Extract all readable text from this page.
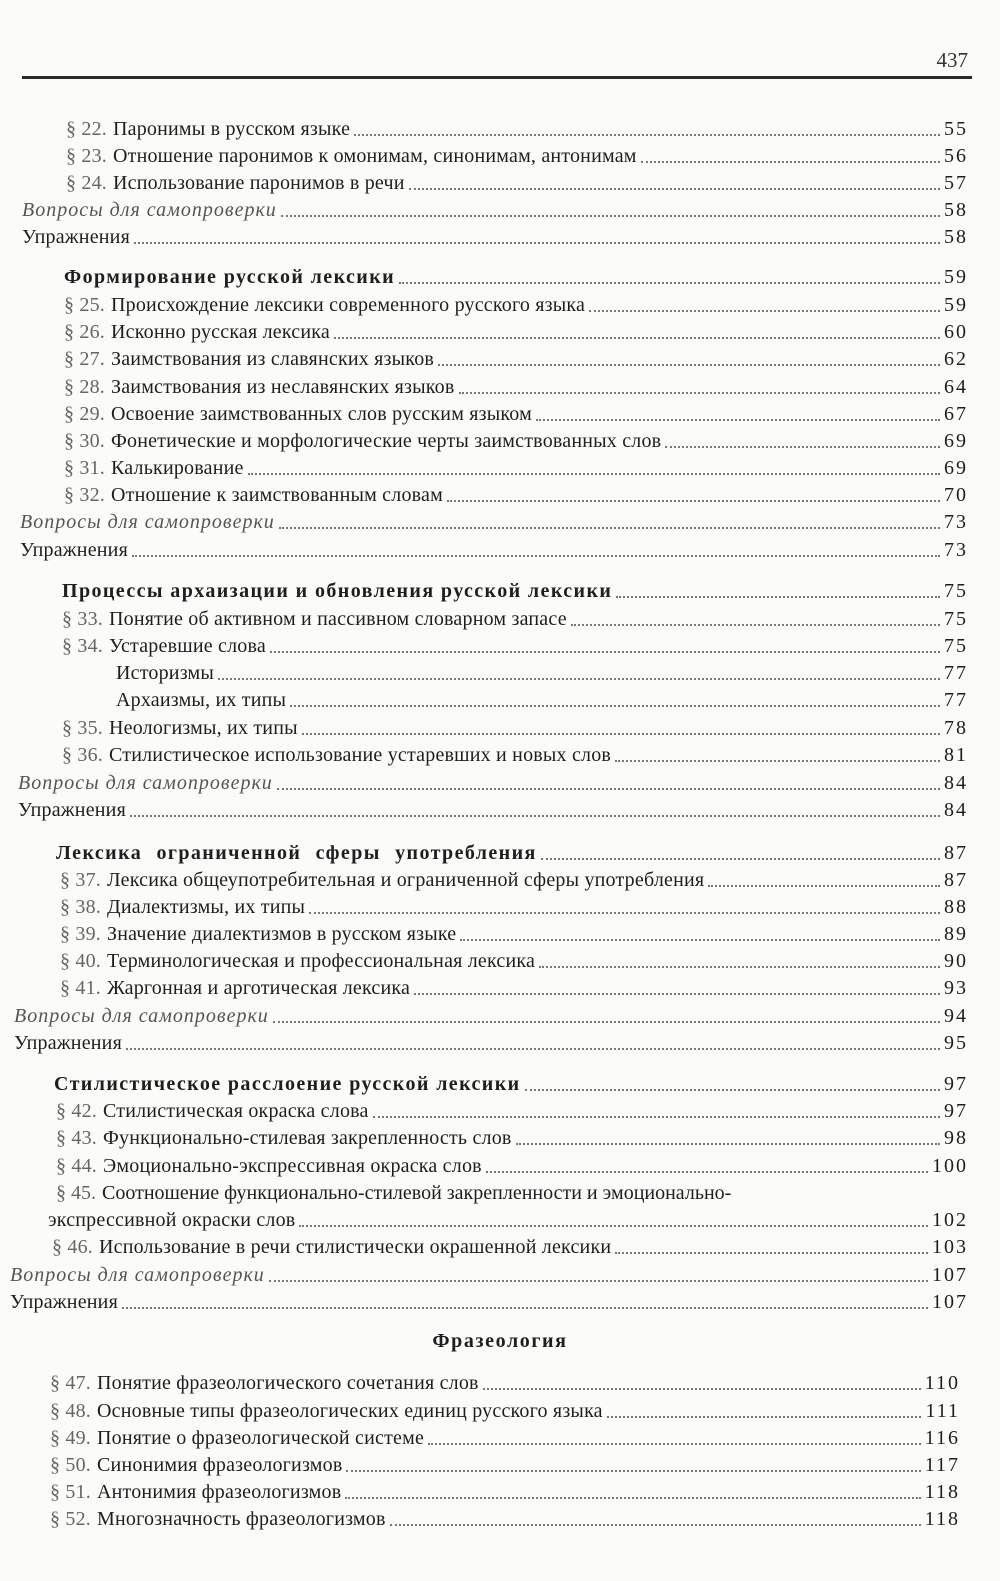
437
§ 22. Паронимы в русском языке	55
§ 23. Отношение паронимов к омонимам, синонимам, антонимам	56
§ 24. Использование паронимов в речи	57
Вопросы для самопроверки	58
Упражнения	58
Формирование русской лексики	59
§ 25. Происхождение лексики современного русского языка	59
§ 26. Исконно русская лексика	60
§ 27. Заимствования из славянских языков	62
§ 28. Заимствования из неславянских языков	64
§ 29. Освоение заимствованных слов русским языком	67
§ 30. Фонетические и морфологические черты заимствованных слов	69
§ 31. Калькирование	69
§ 32. Отношение к заимствованным словам	70
Вопросы для самопроверки	73
Упражнения	73
Процессы архаизации и обновления русской лексики	75
§ 33. Понятие об активном и пассивном словарном запасе	75
§ 34. Устаревшие слова	75
Историзмы	77
Архаизмы, их типы	77
§ 35. Неологизмы, их типы	78
§ 36. Стилистическое использование устаревших и новых слов	81
Вопросы для самопроверки	84
Упражнения	84
Лексика ограниченной сферы употребления	87
§ 37. Лексика общеупотребительная и ограниченной сферы употребления	87
§ 38. Диалектизмы, их типы	88
§ 39. Значение диалектизмов в русском языке	89
§ 40. Терминологическая и профессиональная лексика	90
§ 41. Жаргонная и арготическая лексика	93
Вопросы для самопроверки	94
Упражнения	95
Стилистическое расслоение русской лексики	97
§ 42. Стилистическая окраска слова	97
§ 43. Функционально-стилевая закрепленность слов	98
§ 44. Эмоционально-экспрессивная окраска слов	100
§ 45. Соотношение функционально-стилевой закрепленности и эмоционально-
экспрессивной окраски слов	102
§ 46. Использование в речи стилистически окрашенной лексики	103
Вопросы для самопроверки	107
Упражнения	107
Фразеология
§ 47. Понятие фразеологического сочетания слов	110
§ 48. Основные типы фразеологических единиц русского языка	111
§ 49. Понятие о фразеологической системе	116
§ 50. Синонимия фразеологизмов	117
§ 51. Антонимия фразеологизмов	118
§ 52. Многозначность фразеологизмов	118
